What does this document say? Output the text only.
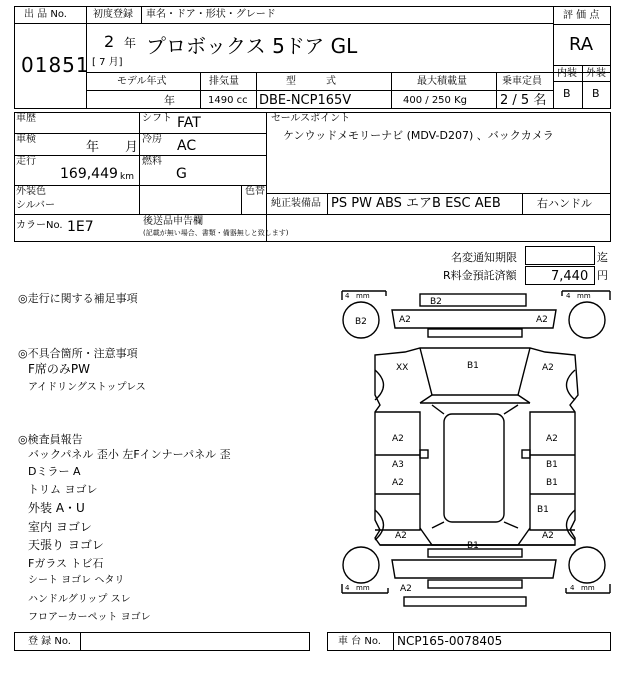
出 品 No.
01851
初度登録 車名・ドア・形状・グレード
2 年
[ 7 月]
プロボックス 5ドア GL
評 価 点
RA
内装 外装
B B
モデル年式	排気量	型　　　式	最大積載量	乗車定員
年	1490 cc DBE-NCP165V	400 / 250 Kg	2 / 5 名
車歴	シフト FAT
車検
年　　月
冷房 AC
走行
169,449 km
燃料
G
セールスポイント
ケンウッドメモリーナビ (MDV-D207) 、バックカメラ
外装色
シルバー
色替
純正装備品 PS PW ABS エアB ESC AEB	右ハンドル
カラーNo. 1E7	後送品申告欄
(記載が無い場合、書類・備器無しと致します)
名変通知期限	迄
R料金預託済額	7,440 円
◎走行に関する補足事項
◎不具合箇所・注意事項
F席のみPW
アイドリングストップレス
◎検査員報告
バックパネル 歪小 左Fインナーパネル 歪
Dミラー A
トリム ヨゴレ
外装 A・U
室内 ヨゴレ
天張り ヨゴレ
Fガラス トビ石
シート ヨゴレ ヘタリ
ハンドルグリップ スレ
フロアーカーペット ヨゴレ
4 mm	4 mm
4 mm	4 mm
B2
B2	A2	A2
XX	B1	A2
A2	A2
A3	B1
A2	B1
B1
A2
B1
A2
A2
登 録 No.	車 台 No. NCP165-0078405
